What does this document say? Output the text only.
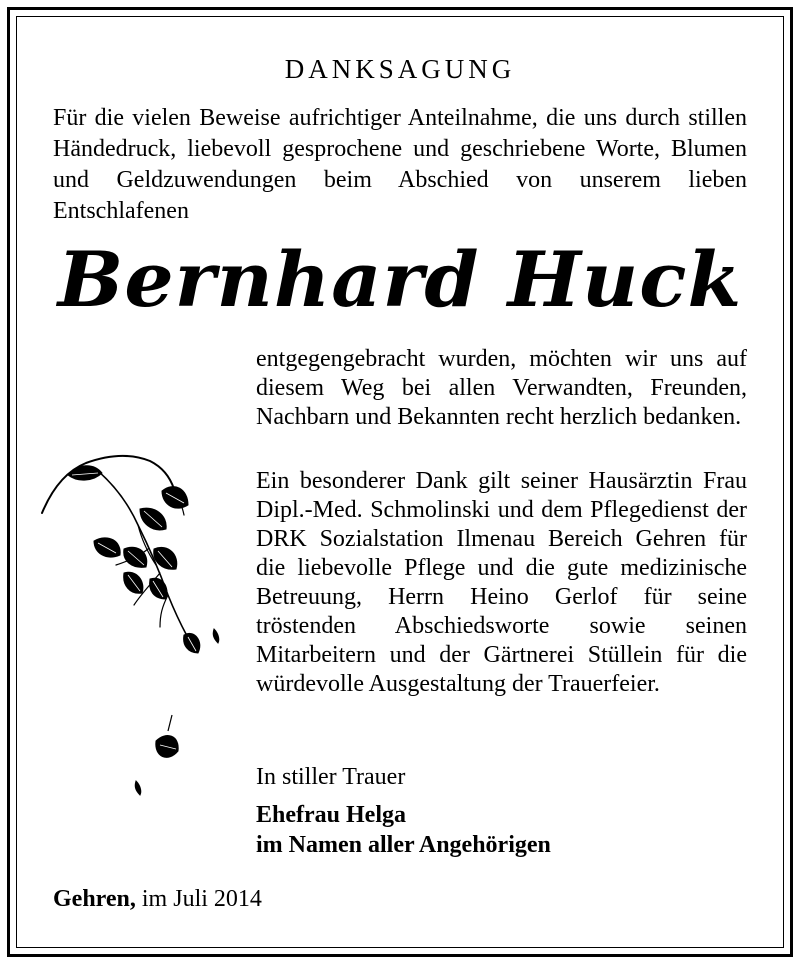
DANKSAGUNG

Für die vielen Beweise aufrichtiger Anteilnahme, die uns durch stillen Händedruck, liebevoll gesprochene und geschriebene Worte, Blumen und Geldzuwendungen beim Abschied von unserem lieben Entschlafenen

Bernhard Huck

entgegengebracht wurden, möchten wir uns auf diesem Weg bei allen Verwandten, Freunden, Nachbarn und Bekannten recht herzlich bedanken.

Ein besonderer Dank gilt seiner Hausärztin Frau Dipl.-Med. Schmolinski und dem Pflegedienst der DRK Sozialstation Ilmenau Bereich Gehren für die liebevolle Pflege und die gute medizinische Betreuung, Herrn Heino Gerlof für seine tröstenden Abschiedsworte sowie seinen Mitarbeitern und der Gärtnerei Stüllein für die würdevolle Ausgestaltung der Trauerfeier.

In stiller Trauer
Ehefrau Helga
im Namen aller Angehörigen
Gehren, im Juli 2014
